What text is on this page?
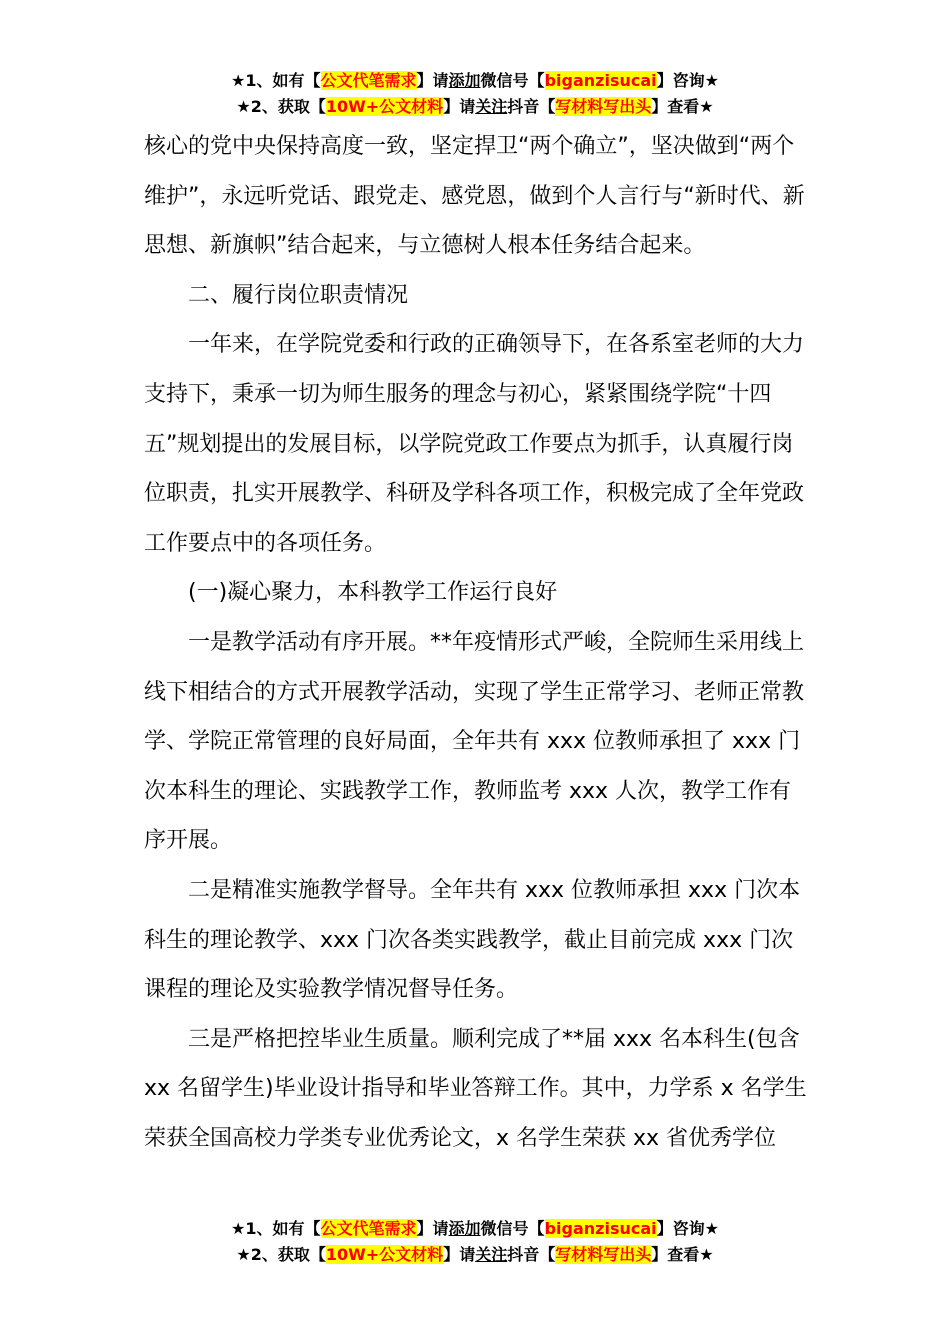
★1、如有【公文代笔需求】请添加微信号【biganzisucai】咨询★
★2、获取【10W+公文材料】请关注抖音【写材料写出头】查看★

核心的党中央保持高度一致，坚定捍卫“两个确立”，坚决做到“两个维护”，永远听党话、跟党走、感党恩，做到个人言行与“新时代、新思想、新旗帜”结合起来，与立德树人根本任务结合起来。

二、履行岗位职责情况

一年来，在学院党委和行政的正确领导下，在各系室老师的大力支持下，秉承一切为师生服务的理念与初心，紧紧围绕学院“十四五”规划提出的发展目标，以学院党政工作要点为抓手，认真履行岗位职责，扎实开展教学、科研及学科各项工作，积极完成了全年党政工作要点中的各项任务。

(一)凝心聚力，本科教学工作运行良好

一是教学活动有序开展。**年疫情形式严峻，全院师生采用线上线下相结合的方式开展教学活动，实现了学生正常学习、老师正常教学、学院正常管理的良好局面，全年共有 xxx 位教师承担了 xxx 门次本科生的理论、实践教学工作，教师监考 xxx 人次，教学工作有序开展。

二是精准实施教学督导。全年共有 xxx 位教师承担 xxx 门次本科生的理论教学、xxx 门次各类实践教学，截止目前完成 xxx 门次课程的理论及实验教学情况督导任务。

三是严格把控毕业生质量。顺利完成了**届 xxx 名本科生(包含 xx 名留学生)毕业设计指导和毕业答辩工作。其中，力学系 x 名学生荣获全国高校力学类专业优秀论文，x 名学生荣获 xx 省优秀学位

★1、如有【公文代笔需求】请添加微信号【biganzisucai】咨询★
★2、获取【10W+公文材料】请关注抖音【写材料写出头】查看★
